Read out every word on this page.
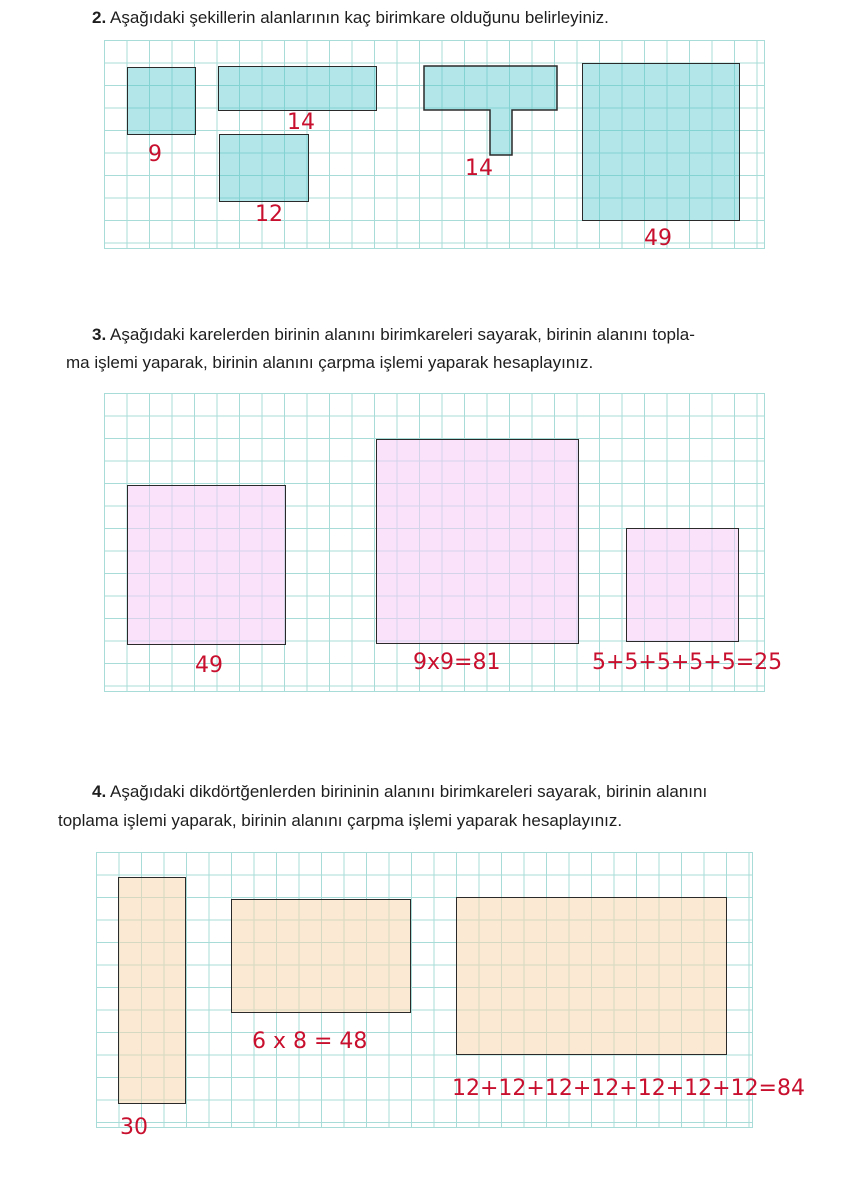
2. Aşağıdaki şekillerin alanlarının kaç birimkare olduğunu belirleyiniz.

9
14
12
14
49

3. Aşağıdaki karelerden birinin alanını birimkareleri sayarak, birinin alanını topla-

ma işlemi yaparak, birinin alanını çarpma işlemi yaparak hesaplayınız.

49	9x9=81	5+5+5+5+5=25

4. Aşağıdaki dikdörtğenlerden birininin alanını birimkareleri sayarak, birinin alanını

toplama işlemi yaparak, birinin alanını çarpma işlemi yaparak hesaplayınız.

30
6 x 8 = 48
12+12+12+12+12+12+12=84
